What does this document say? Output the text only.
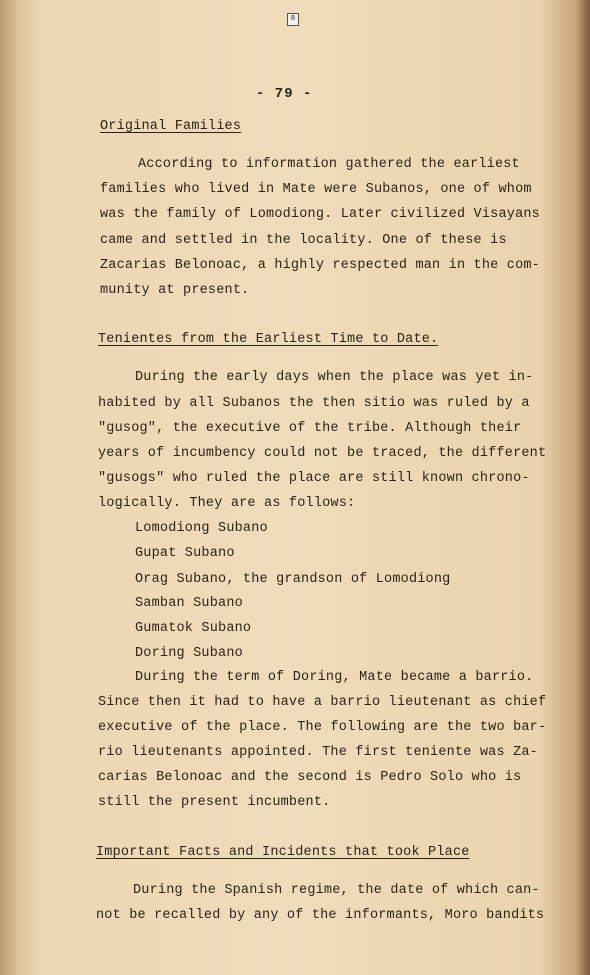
8
- 79 -
Original Families
According to information gathered the earliest
families who lived in Mate were Subanos, one of whom
was the family of Lomodiong. Later civilized Visayans
came and settled in the locality. One of these is
Zacarias Belonoac, a highly respected man in the com-
munity at present.
Tenientes from the Earliest Time to Date.
During the early days when the place was yet in-
habited by all Subanos the then sitio was ruled by a
"gusog", the executive of the tribe. Although their
years of incumbency could not be traced, the different
"gusogs" who ruled the place are still known chrono-
logically. They are as follows:
Lomodiong Subano
Gupat Subano
Orag Subano, the grandson of Lomodiong
Samban Subano
Gumatok Subano
Doring Subano
During the term of Doring, Mate became a barrio.
Since then it had to have a barrio lieutenant as chief
executive of the place. The following are the two bar-
rio lieutenants appointed. The first teniente was Za-
carias Belonoac and the second is Pedro Solo who is
still the present incumbent.
Important Facts and Incidents that took Place
During the Spanish regime, the date of which can-
not be recalled by any of the informants, Moro bandits
